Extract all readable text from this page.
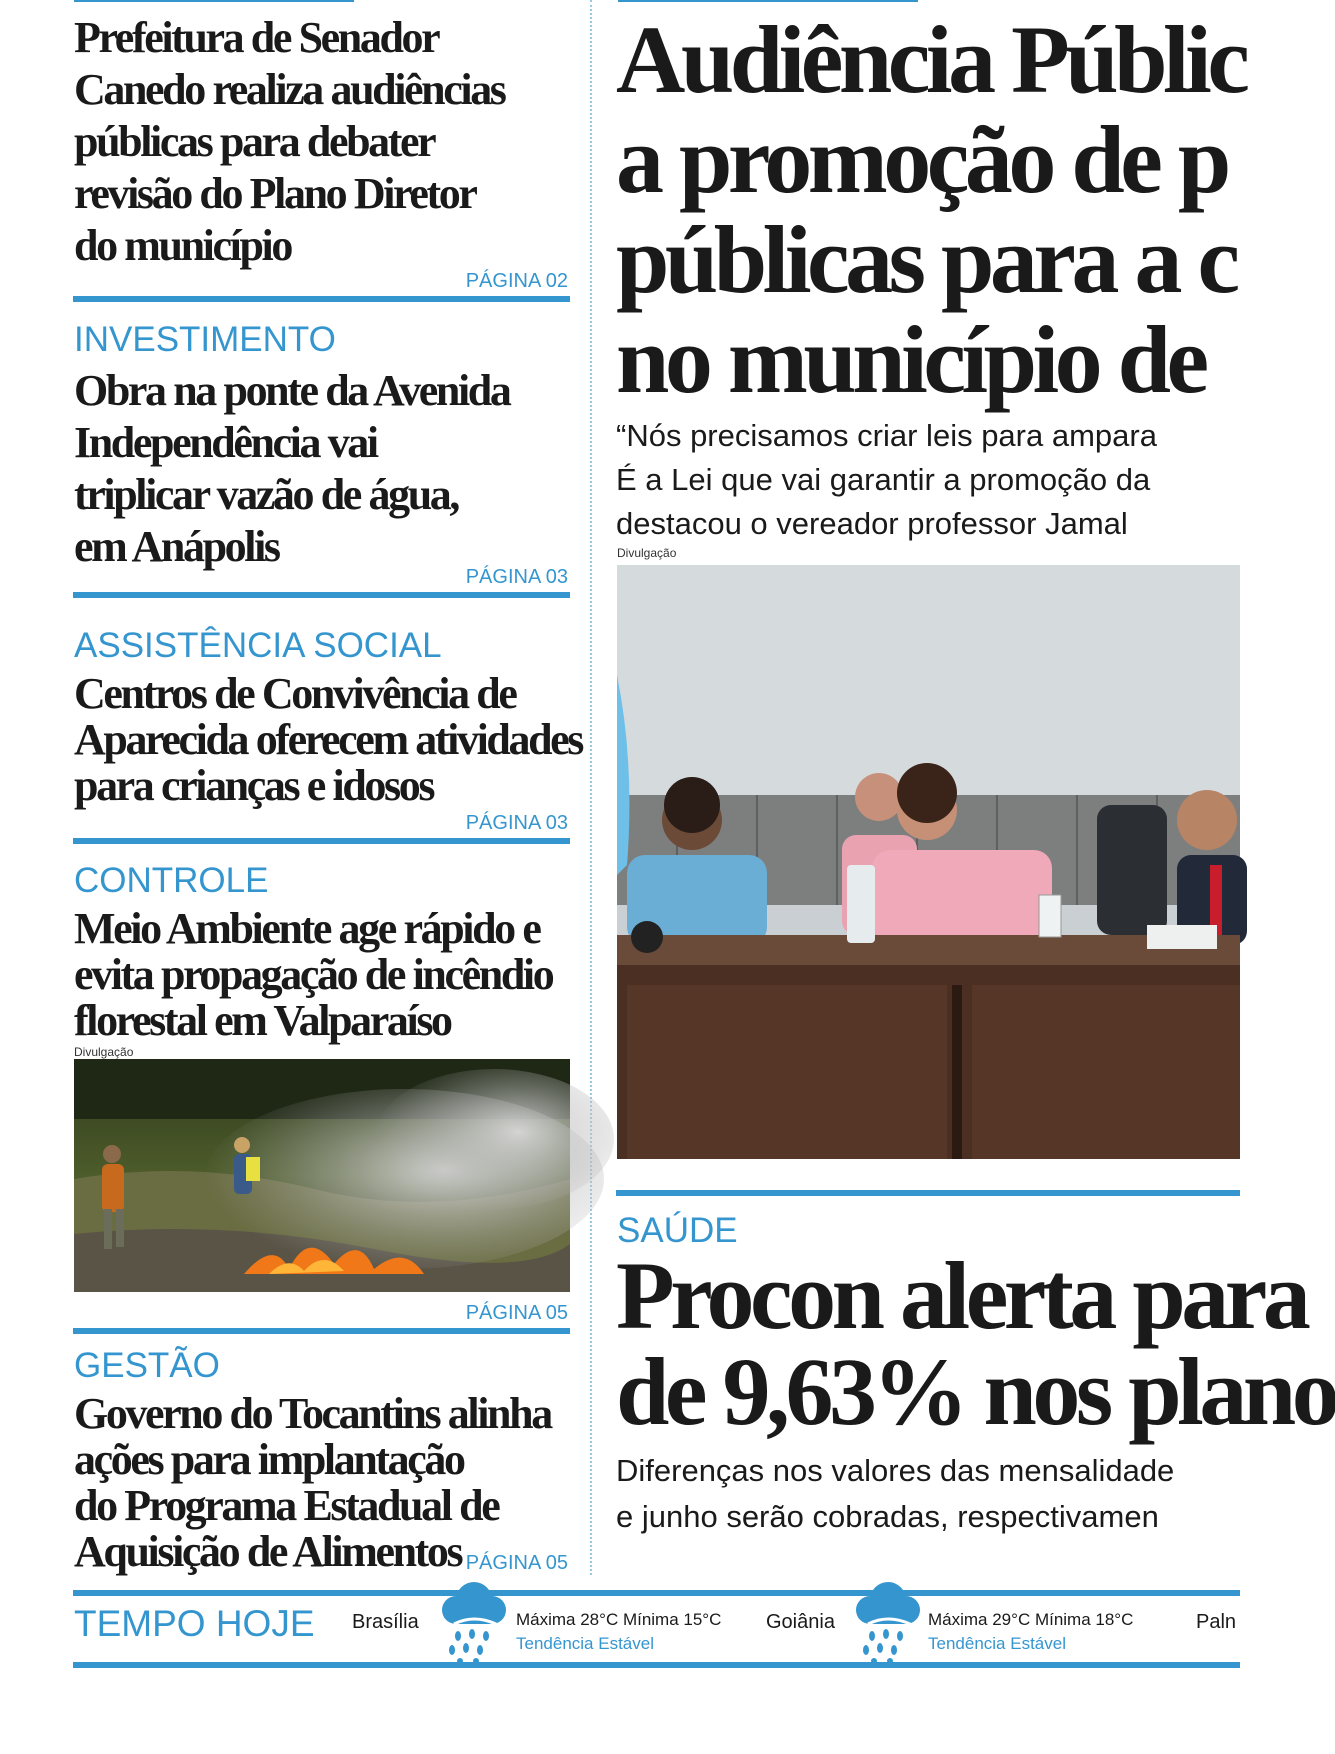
Prefeitura de Senador
Canedo realiza audiências
públicas para debater
revisão do Plano Diretor
do município
PÁGINA 02
INVESTIMENTO
Obra na ponte da Avenida
Independência vai
triplicar vazão de água,
em Anápolis
PÁGINA 03
ASSISTÊNCIA SOCIAL
Centros de Convivência de
Aparecida oferecem atividades
para crianças e idosos
PÁGINA 03
CONTROLE
Meio Ambiente age rápido e
evita propagação de incêndio
florestal em Valparaíso
Divulgação
PÁGINA 05
GESTÃO
Governo do Tocantins alinha
ações para implantação
do Programa Estadual de
Aquisição de Alimentos PÁGINA 05
Audiência Públic
a promoção de p
públicas para a c
no município de
“Nós precisamos criar leis para ampara
É a Lei que vai garantir a promoção da
destacou o vereador professor Jamal
Divulgação
SAÚDE
Procon alerta para
de 9,63% nos plano
Diferenças nos valores das mensalidade
e junho serão cobradas, respectivamen
TEMPO HOJE Brasília	Máxima 28°C Mínima 15°C
Tendência Estável
Goiânia	Máxima 29°C Mínima 18°C
Tendência Estável
Paln
